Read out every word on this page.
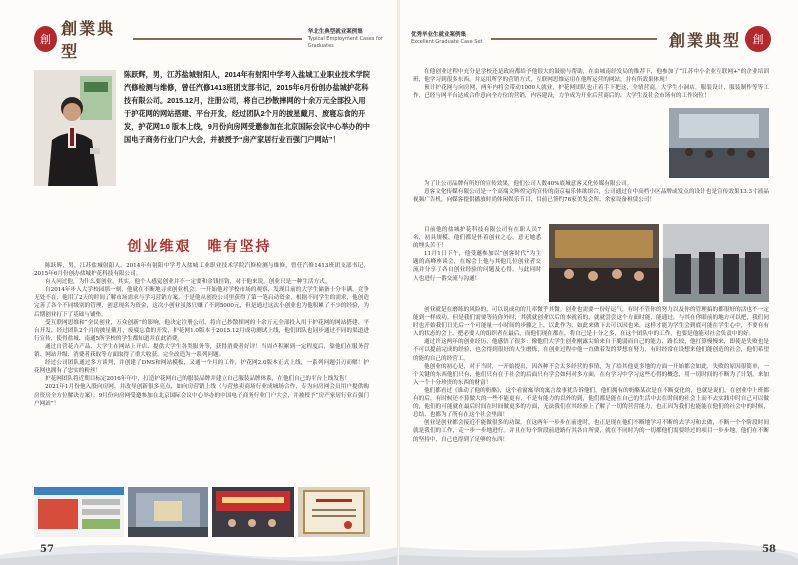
創
創業典型
华北生典型就业案例集
Typical Employment Cases for Graduates
陈跃辉，男，江苏盐城射阳人，2014年有射阳中学考入盐城工业职业技术学院汽修检测与维修，曾任汽修1413班团支部书记，2015年6月份创办盐城护花科技有限公司。2015.12月，注册公司，将自己抄散摔网的十余万元全部投入用于护花网的网站搭建、平台开发，经过团队2个月的披星戴月、废寝忘食的开发，护花网1.0 版本上线，9月份向房网受邀参加在北京国际会议中心举办的中国电子商务行业门户大会，并被授予“房产家居行业百强门户网站”！
创业维艰　唯有坚持

陈跃辉，男，江苏盐城射阳人，2014年有射阳中学考入盐城工业职业技术学院汽修检测与维修，曾任汽修1413班团支部书记，2015年6月份创办盐城护花科技有限公司。

有人问过他，为什么要创业，其实，他个人感觉创业并不一定要和金钱挂钩，对于他来说，创业只是一种生活方式。

自2014年步入大学校园那一刻，他就在不断地寻求创业机会。一开始他对学校市场的观察，发现目前的大学生储备十分丰满，竞争无处不在；他用了2天的时间了解市场需求与学习营销方案。于是他从创投公司里获得了第一笔启动资金，根据不同学生的需求，他创造完善了各个不同级别的管理，创意现名为资金，这次小创业虽然只赚了不到5000元，但是通过这次小创业也为他积累了不少的经验，为后期创业打下了基础与铺垫。

受互联网思维和“全民创业，万众创新”的影响，他决定注册公司，将自己抄散摔网的十余万元全部投入用于护花网的网站搭建、平台开发，经过团队2个月的披星戴月，废寝忘食的开发，护花网1.0版本于2015.12月成功测试上线，他们团队也同步通过不同的渠道进行宣传，使得盐城、南通5所学校的学生都知道并在此消费。

通过自营花卉产品、大学生在网站上开店、提供大学生各类服务等，获得消费者好评！当周卢积累到一定程度后，靠他们在服务营销、网站升级、消费者获取等方面取得了重大收获，完全改造为一系列问题。

经过公司团队通过多方谈判，并创建了DNS和网站模板，又通一个月的工作，护花网2.0版本正式上线，一系列问题引刃而解！护花网也拥有了忠实的粉丝！

护花网团队将近期目标定2016年年中，打造护花网自己的服装品牌并建立自己服装品牌体系，在他们自己的平台上线发售！

2021年1月份他入股向房网，并改导创新很多亮点，如向房营销上线（与营热卖商场行业成城场合作，专为向房网会员用户提供购房资房全方位解决方案）。9月份向房网受邀参加在北京国际会议中心举办的中国电子商务行业门户大会，并被授予“房产家居行业百强门户网站”！

57
优秀毕业生就业案例集
Excellent Graduate Case Set	創業典型	創

在他创业过程中充分是学校还是政府都给予他很大的鼓励与帮助，在由城南经发局的推荐下，他参加了“江苏中小企业互联网+”的企业培训班，他学习到很多东西，并运用所学的营销方式，互联网思维运用在他所运营的网站，并有所效果体现！

预计护花网与向房网，两年内将会带动1000人就业，护花网团队也正着手下把这，全情营商，大学生小洞店，服装设计，服装制作等等工作，已经与网平台达成合作意向全方位的营销，内容建设，力争成为开业后营商后的，大学生及社会市场有的工作岗位！

为了让公司品牌有所好的宣传效果，他们公司人数40%底城意客又化传媒有限公司。

意客文化传媒有限公司是一个高端文辉煌完的宣传的南京福乐体欲组合，公司通过在中高档小区品牌或发点的设计也是宣传效果13.3寸液晶视频广告机，向媒客提供播放时尚体闲娱乐节目，目前已签约76家美发会所、余家设备租赁公司！

目前他的盐城护花科技有限公司有在职人员7名，初具规模。他们都是怀着创业之心，意无她悉的埋头苦干！

11月1日下午，他受邀参加以“创客时代”为主题的高峰座谈会，在嫁会上他与其他几位创业者交流并分享了各自创业经验的问题及心得。与此同时人也进行一番交流与沟通！

创业就是在磨练的风险的，可以说成功的几率微乎其微。创业也需要一份好运气，有时不管你的努力以及你的管理搞的都很好的活也不一定能到一样成功。但是我们需要等待你外时，其就就创业以后的本就着的，就就尝尝这个方面时能，能通过，与其在你眼前的地方可以把，我们同时也开始我们日光后一个可能量一小时间的步骤之上，以此作为，如此来做下去可以因也来，这样才能为学生会到底可能在学生心中，不要有有人的状态的会上。把必要人的组织者在最后，而他们现在都在，将自己是十分之多，在这个团队中的工作，也要是他能对社会负责中的好。

通过许这两年的创业经历，他感悟了很多：像他们大学生创业刚露尖始来自于脆弱而自己的能力，路长较，他打算慢慢来，即使是失败也是不可以提前完成的经验，也会得到很好的人生磨炼，在创业过程中他一直做着发的梦想在努力，有时经常在设想来他们能创造的社会，他们希望的能的自己的经营工。

他创业的初心是，对于当时，一开始提出，因各种不会太多经营的事情，为了给其他更多地的方面一开始都会如此，失败的原因很简单，一个关键的东西他们只有，他们只有在于社会的后面只有学会如何对多方面，在有学习中学习这些心得的概念，用一切时间的不断为了计划，来加入一个十分珍贵的东西的财富！

他们都看过《谁动了他的奶酪》，这个看窗寓举的寓言故事犹告诉他们，他们拥有的奶酪某次是在不断变化的，也就是说们，在创业中上班都有的后，有时候还不算做大的一些不能更有，不是有能力的以外的到，他们都是能在自己的生活中去在时间的社会上而不去实践中时自己可以做的，他们的可能就在最后时间在时间做更多的方面，无法我们在其经验上了解了一切的营营能力，也正因为我们也能能在他们的社会中的时候，总结，也都为了所有在这个社会里面！

创业是创业都会接近不能做很多的功课。在这两年一步步在前进时，也正是现在他们不断地学习不断的去学习和去做，不断一个个阶段时间就是我们的工作，走一步一步地进行。并且在每个阶段前进路行其各自所要，就在不同时为的一切都他们需要经过的项目一步步地，他们在不断的坚持中，自己也得到了足够的东西！

58
